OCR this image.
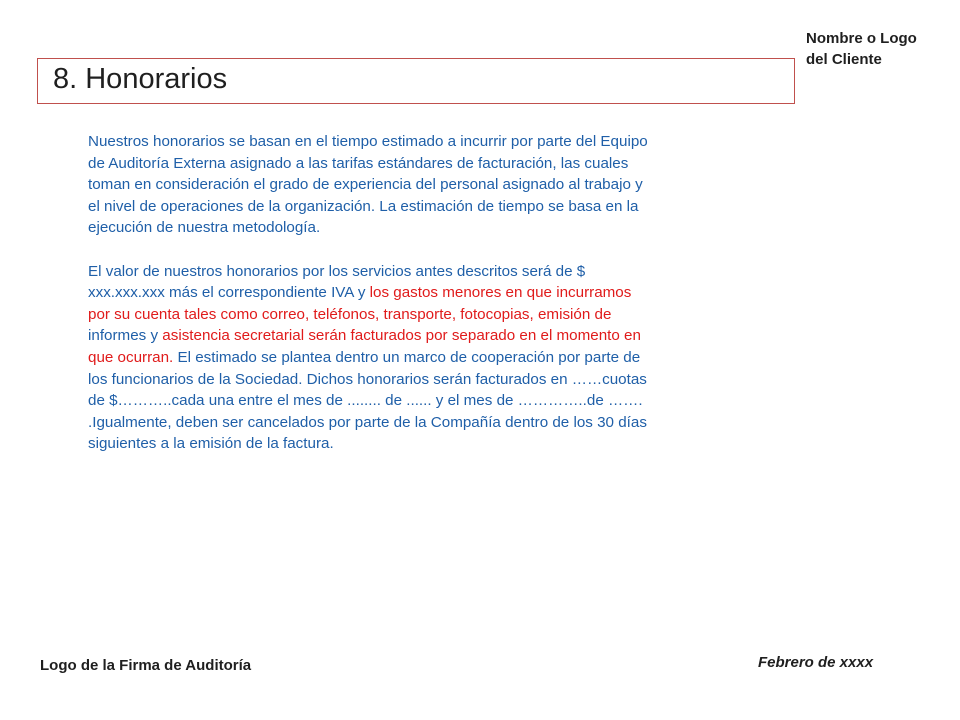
Nombre o Logo
del Cliente
8. Honorarios

Nuestros honorarios se basan en el tiempo estimado a incurrir por parte del Equipo
de Auditoría Externa asignado a las tarifas estándares de facturación, las cuales
toman en consideración el grado de experiencia del personal asignado al trabajo y
el nivel de operaciones de la organización. La estimación de tiempo se basa en la
ejecución de nuestra metodología.

El valor de nuestros honorarios por los servicios antes descritos será de $
xxx.xxx.xxx más el correspondiente IVA y los gastos menores en que incurramos
por su cuenta tales como correo, teléfonos, transporte, fotocopias, emisión de
informes y asistencia secretarial serán facturados por separado en el momento en
que ocurran. El estimado se plantea dentro un marco de cooperación por parte de
los funcionarios de la Sociedad. Dichos honorarios serán facturados en ……cuotas
de $………..cada una entre el mes de ........ de ...... y el mes de …………..de …….
.Igualmente, deben ser cancelados por parte de la Compañía dentro de los 30 días
siguientes a la emisión de la factura.

Logo de la Firma de Auditoría	Febrero de xxxx
